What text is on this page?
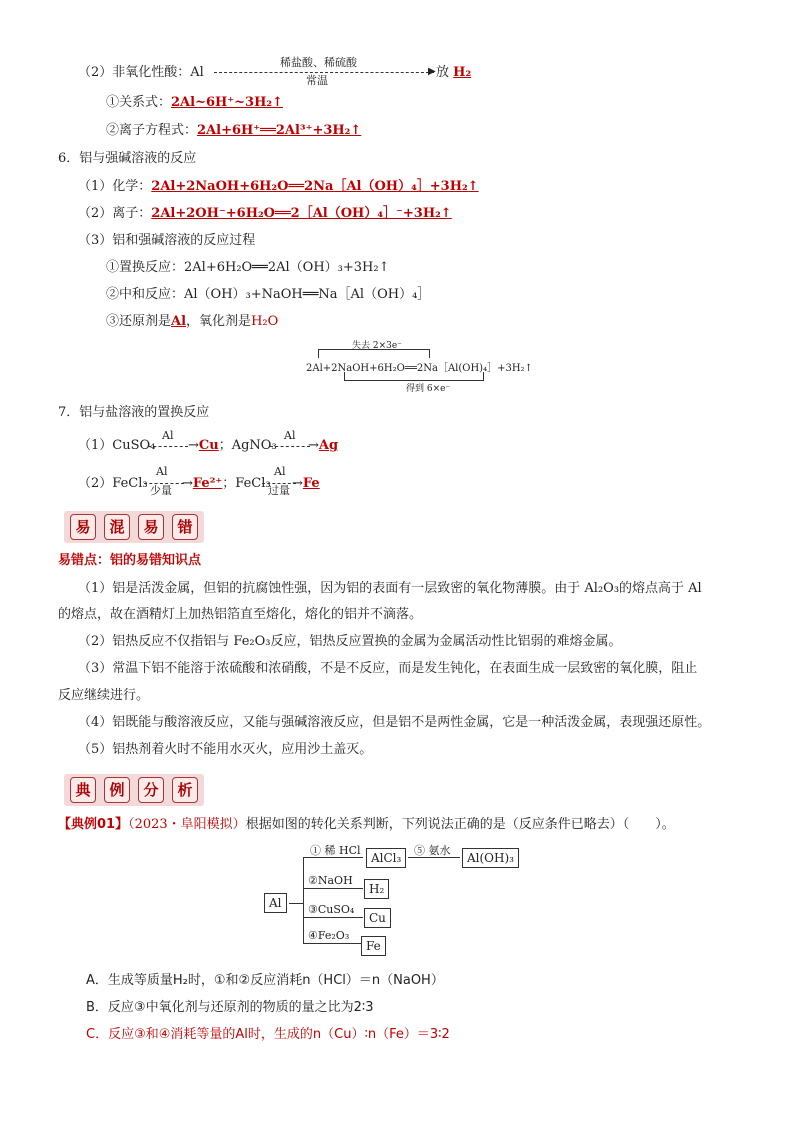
（2）非氧化性酸：Al
稀盐酸、稀硫酸
▶
常温
放 H₂
①关系式：2Al~6H⁺~3H₂↑
②离子方程式：2Al+6H⁺══2Al³⁺+3H₂↑
6．铝与强碱溶液的反应
（1）化学：2Al+2NaOH+6H₂O══2Na［Al（OH）₄］+3H₂↑
（2）离子：2Al+2OH⁻+6H₂O══2［Al（OH）₄］⁻+3H₂↑
（3）铝和强碱溶液的反应过程
①置换反应：2Al+6H₂O══2Al（OH）₃+3H₂↑
②中和反应：Al（OH）₃+NaOH══Na［Al（OH）₄］
③还原剂是Al，氧化剂是H₂O
失去 2×3e⁻
2Al+2NaOH+6H₂O══2Na［Al(OH)₄］+3H₂↑
得到 6×e⁻
7．铝与盐溶液的置换反应
（1）CuSO₄
Al
→Cu；AgNO₃
Al
→Ag
（2）FeCl₃
Al
少量 →Fe²⁺；FeCl₃
Al
过量 →Fe
易 混 易 错
易错点：铝的易错知识点
（1）铝是活泼金属，但铝的抗腐蚀性强，因为铝的表面有一层致密的氧化物薄膜。由于 Al₂O₃的熔点高于 Al
的熔点，故在酒精灯上加热铝箔直至熔化，熔化的铝并不滴落。
（2）铝热反应不仅指铝与 Fe₂O₃反应，铝热反应置换的金属为金属活动性比铝弱的难熔金属。
（3）常温下铝不能溶于浓硫酸和浓硝酸，不是不反应，而是发生钝化，在表面生成一层致密的氧化膜，阻止
反应继续进行。
（4）铝既能与酸溶液反应，又能与强碱溶液反应，但是铝不是两性金属，它是一种活泼金属，表现强还原性。
（5）铝热剂着火时不能用水灭火，应用沙土盖灭。
典 例 分 析
【典例01】（2023・阜阳模拟）根据如图的转化关系判断，下列说法正确的是（反应条件已略去）（　　）。
Al
① 稀 HCl
AlCl₃
⑤ 氨水
Al(OH)₃
②NaOH
H₂
③CuSO₄
Cu
④Fe₂O₃
Fe
A．生成等质量H₂时，①和②反应消耗n（HCl）＝n（NaOH）
B．反应③中氧化剂与还原剂的物质的量之比为2∶3
C．反应③和④消耗等量的Al时，生成的n（Cu）∶n（Fe）＝3∶2
